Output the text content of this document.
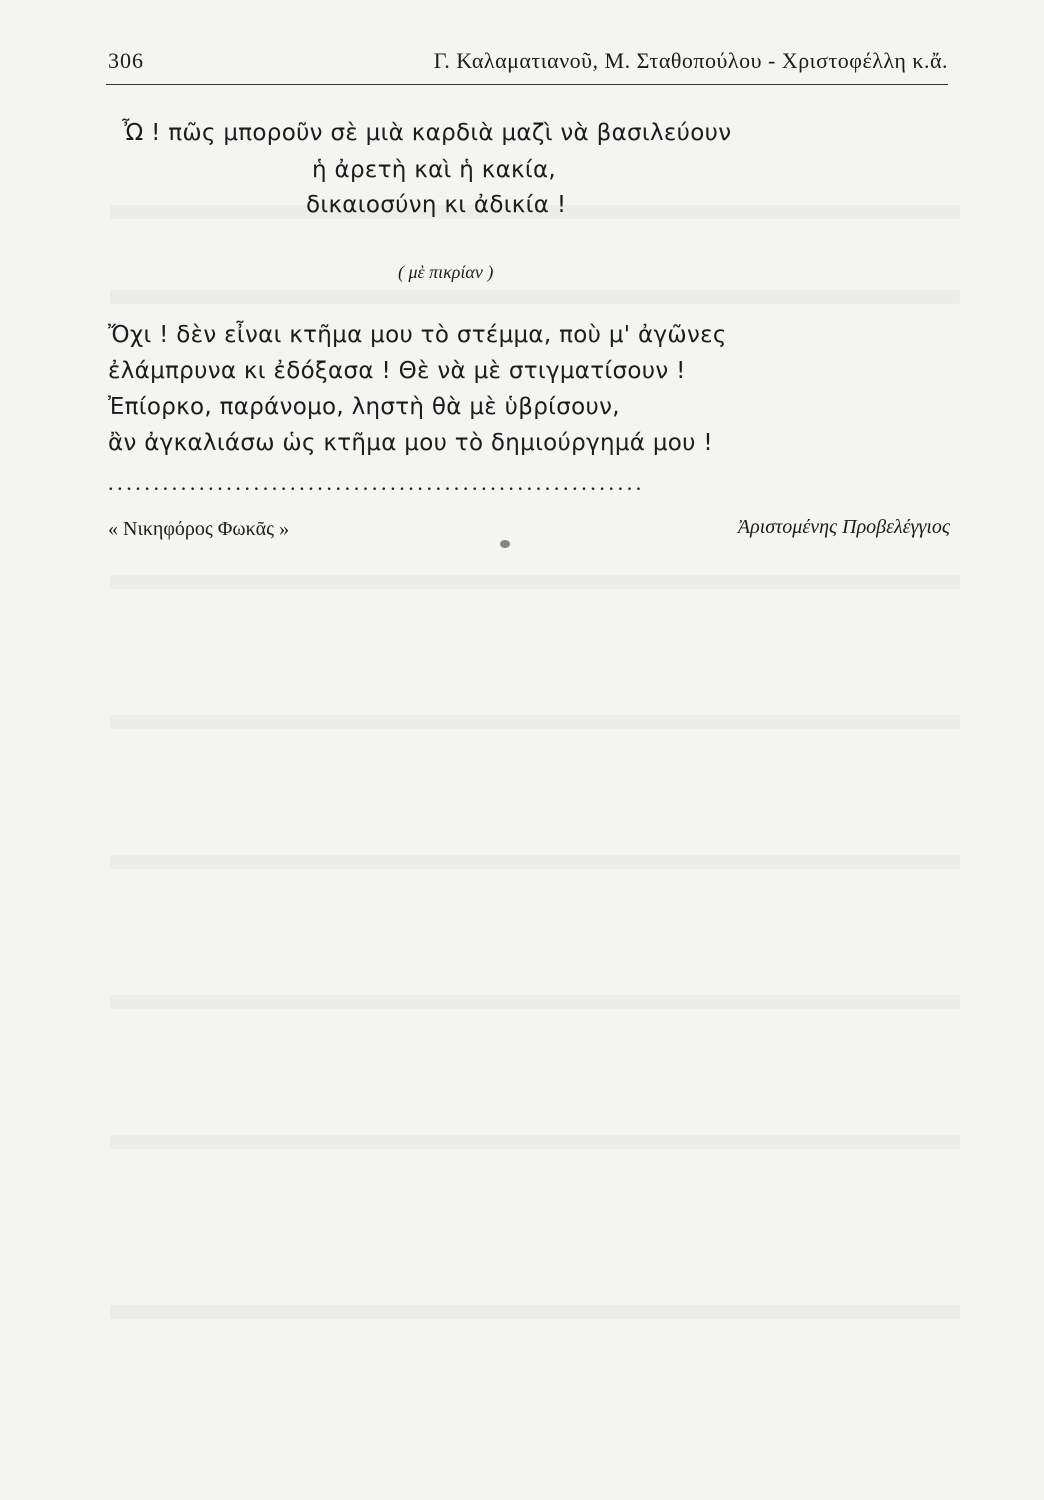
306	Γ. Καλαματιανοῦ, Μ. Σταθοπούλου - Χριστοφέλλη κ.ἄ.
Ὦ ! πῶς μποροῦν σὲ μιὰ καρδιὰ μαζὶ νὰ βασιλεύουν
ἡ ἀρετὴ καὶ ἡ κακία,
δικαιοσύνη κι ἀδικία !
( μὲ πικρίαν )
Ὄχι ! δὲν εἶναι κτῆμα μου τὸ στέμμα, ποὺ μ' ἀγῶνες
ἐλάμπρυνα κι ἐδόξασα ! Θὲ νὰ μὲ στιγματίσουν !
Ἐπίορκο, παράνομο, ληστὴ θὰ μὲ ὑβρίσουν,
ἂν ἀγκαλιάσω ὡς κτῆμα μου τὸ δημιούργημά μου !
...........................................................
« Νικηφόρος Φωκᾶς »	Ἀριστομένης Προβελέγγιος
